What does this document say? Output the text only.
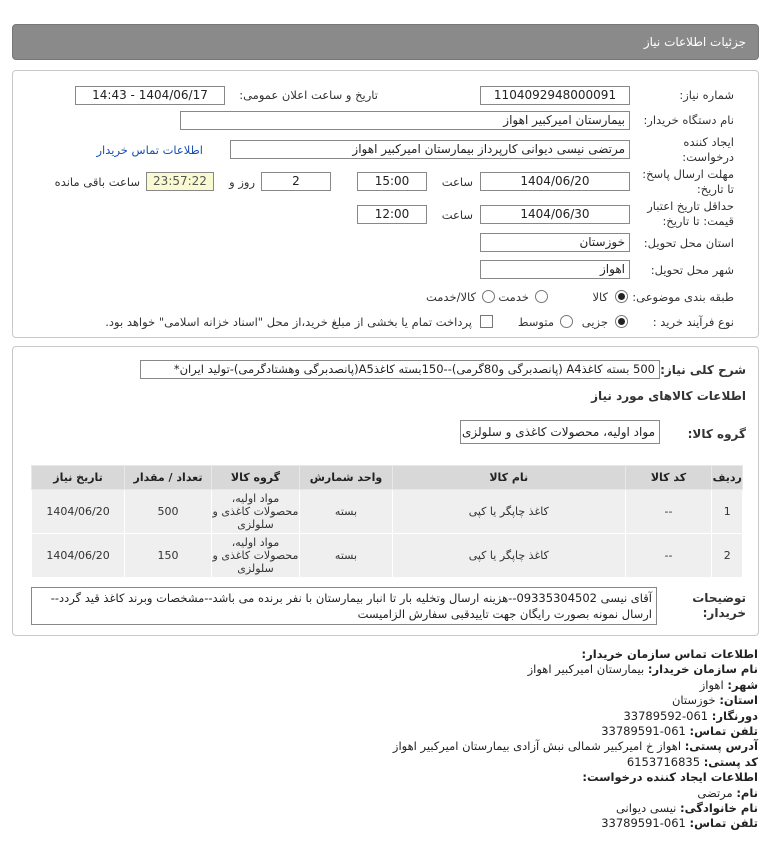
جزئیات اطلاعات نیاز
شماره نیاز:
1104092948000091
تاریخ و ساعت اعلان عمومی:
1404/06/17 - 14:43
نام دستگاه خریدار:
بیمارستان امیرکبیر اهواز
ایجاد کننده
درخواست:
مرتضی نیسی دیوانی کارپرداز بیمارستان امیرکبیر اهواز
اطلاعات تماس خریدار
مهلت ارسال پاسخ:
تا تاریخ:
1404/06/20
ساعت
15:00
2
روز و
23:57:22
ساعت باقی مانده
حداقل تاریخ اعتبار
قیمت: تا تاریخ:
1404/06/30
ساعت
12:00
استان محل تحویل:
خوزستان
شهر محل تحویل:
اهواز
طبقه بندی موضوعی:
کالا
خدمت
کالا/خدمت
نوع فرآیند خرید :
جزیی
متوسط
پرداخت تمام یا بخشی از مبلغ خرید،از محل "اسناد خزانه اسلامی" خواهد بود.
شرح کلی نیاز:
500 بسته کاغذA4 (پانصدبرگی و80گرمی)--150بسته کاغذA5(پانصدبرگی وهشتادگرمی)-تولید ایران*
اطلاعات کالاهای مورد نیاز
گروه کالا:
مواد اولیه، محصولات کاغذی و سلولزی
ردیف	کد کالا	نام کالا	واحد شمارش	گروه کالا	تعداد / مقدار	تاریخ نیاز
1	--	کاغذ چاپگر یا کپی	بسته	مواد اولیه، محصولات کاغذی و سلولزی	500	1404/06/20
2	--	کاغذ چاپگر یا کپی	بسته	مواد اولیه، محصولات کاغذی و سلولزی	150	1404/06/20
توضیحات
خریدار:
آقای نیسی 09335304502--هزینه ارسال وتخلیه بار تا انبار بیمارستان با نفر برنده می باشد--مشخصات وبرند کاغذ قید گردد--ارسال نمونه بصورت رایگان جهت تاییدقبی سفارش الزامیست
اطلاعات تماس سازمان خریدار:
نام سازمان خریدار: بیمارستان امیرکبیر اهواز
شهر: اهواز
استان: خوزستان
دورنگار: 061-33789592
تلفن تماس: 061-33789591
آدرس پستی: اهواز خ امیرکبیر شمالی نبش آزادی بیمارستان امیرکبیر اهواز
کد پستی: 6153716835
اطلاعات ایجاد کننده درخواست:
نام: مرتضی
نام خانوادگی: نیسی دیوانی
تلفن تماس: 061-33789591
